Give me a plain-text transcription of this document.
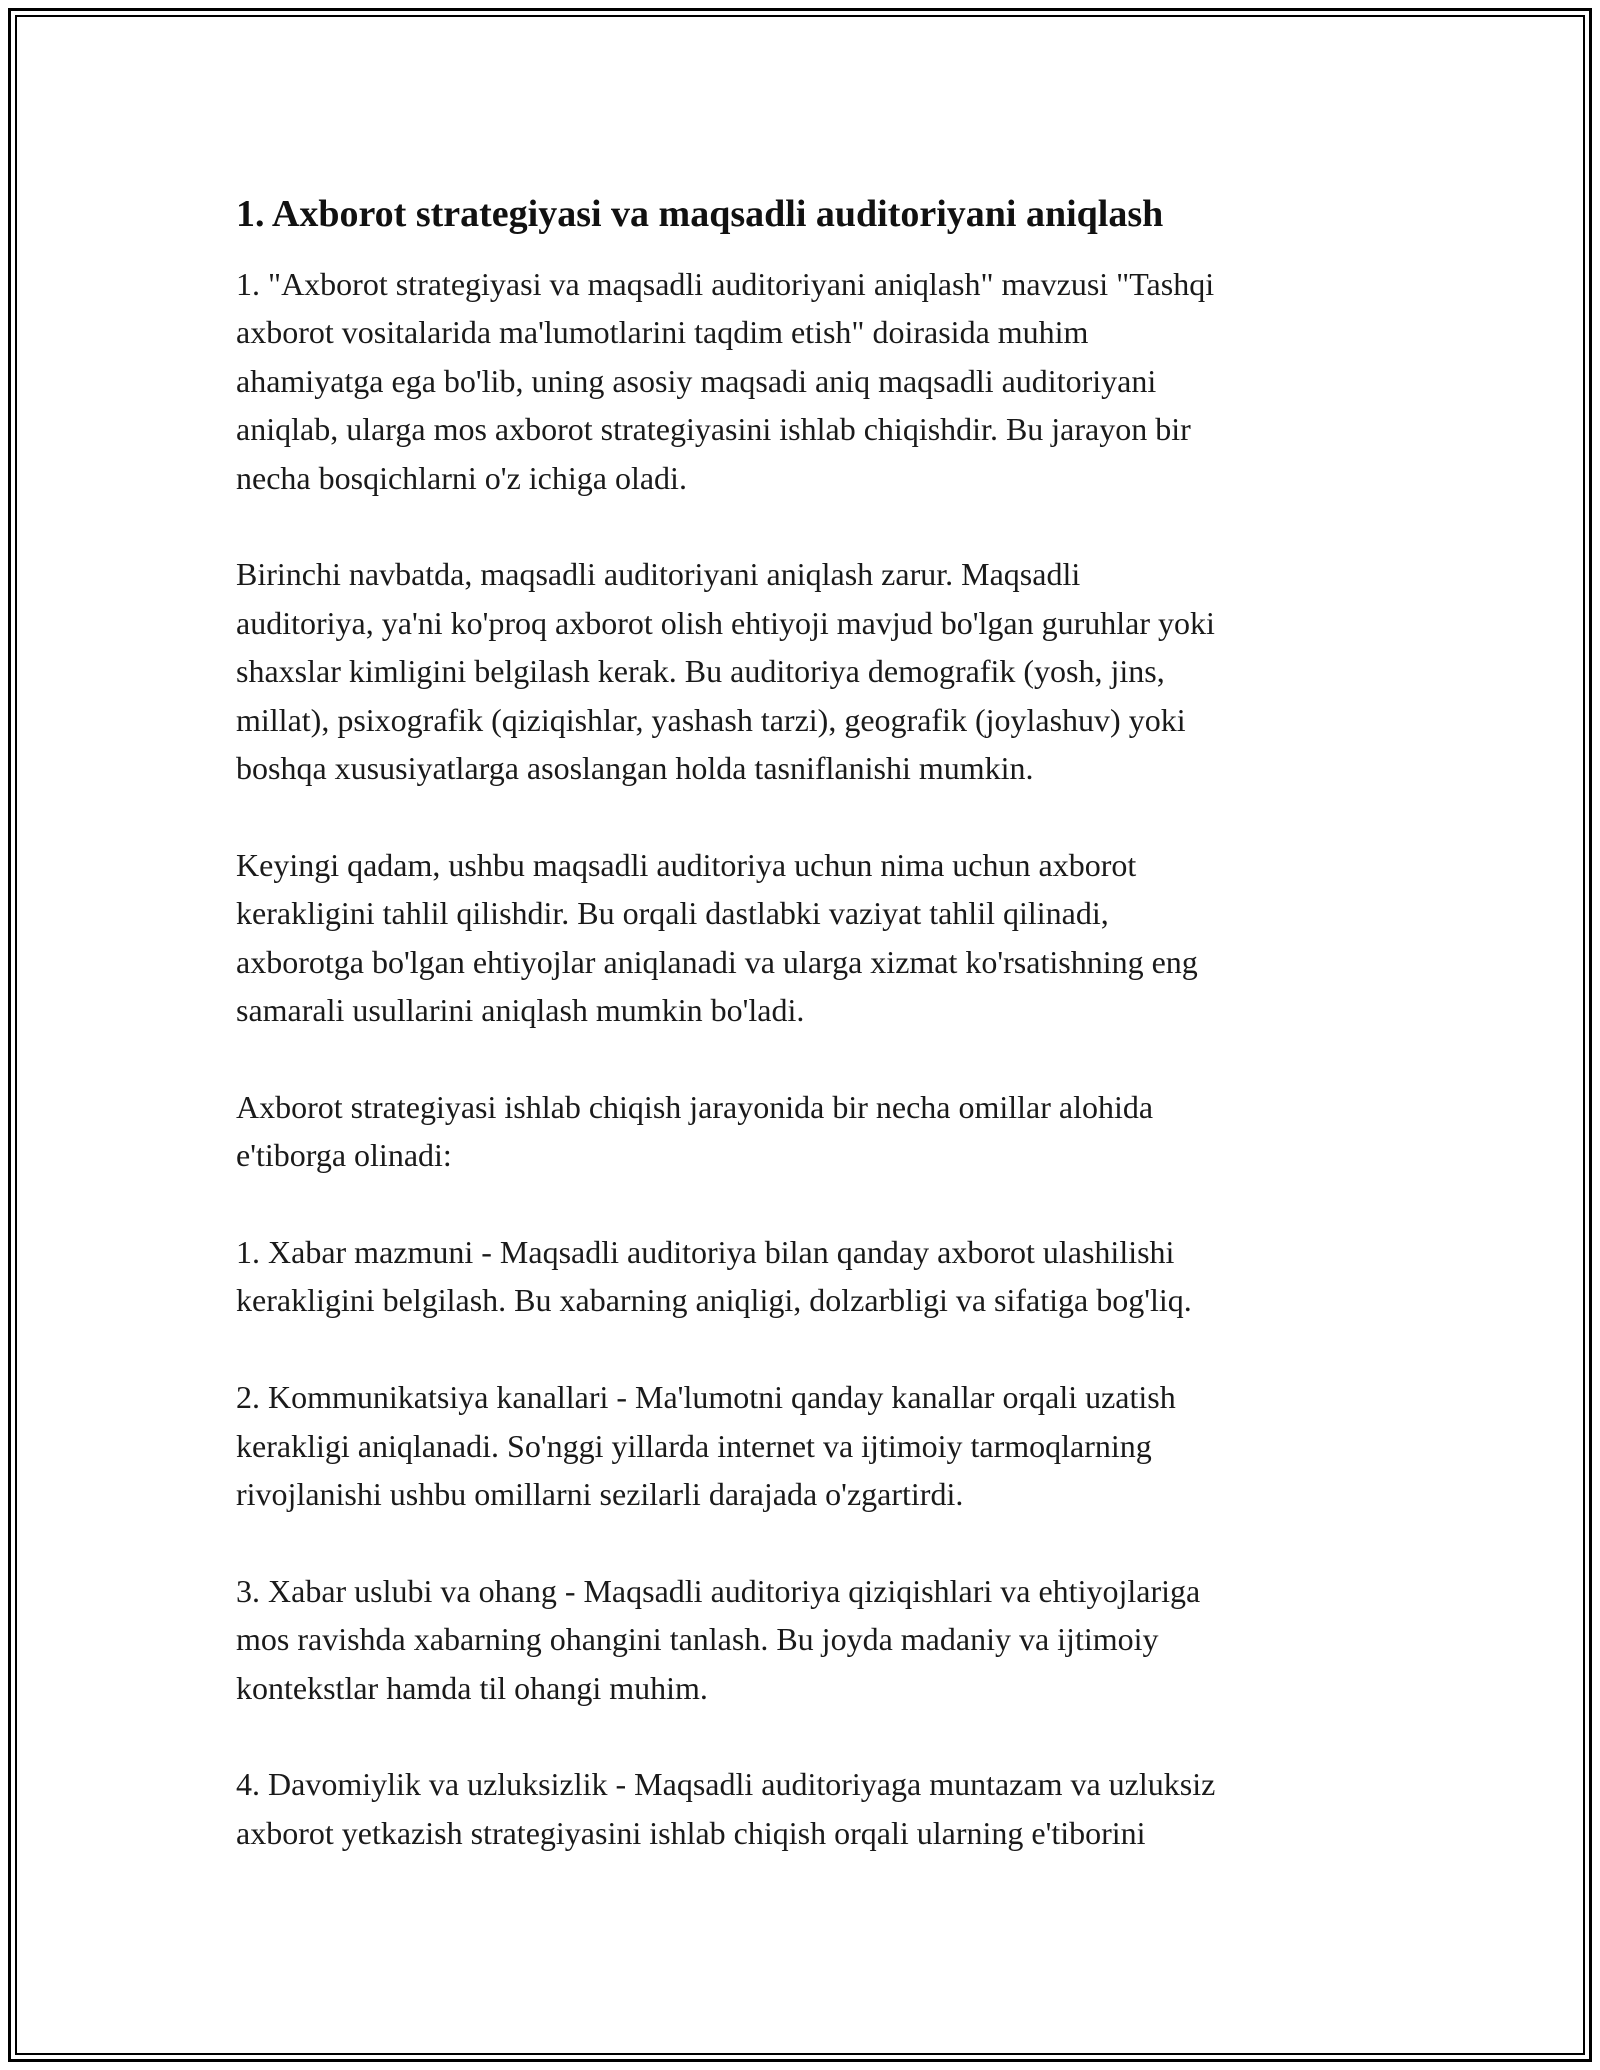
1. Axborot strategiyasi va maqsadli auditoriyani aniqlash

1. "Axborot strategiyasi va maqsadli auditoriyani aniqlash" mavzusi "Tashqi
axborot vositalarida ma'lumotlarini taqdim etish" doirasida muhim
ahamiyatga ega bo'lib, uning asosiy maqsadi aniq maqsadli auditoriyani
aniqlab, ularga mos axborot strategiyasini ishlab chiqishdir. Bu jarayon bir
necha bosqichlarni o'z ichiga oladi.

Birinchi navbatda, maqsadli auditoriyani aniqlash zarur. Maqsadli
auditoriya, ya'ni ko'proq axborot olish ehtiyoji mavjud bo'lgan guruhlar yoki
shaxslar kimligini belgilash kerak. Bu auditoriya demografik (yosh, jins,
millat), psixografik (qiziqishlar, yashash tarzi), geografik (joylashuv) yoki
boshqa xususiyatlarga asoslangan holda tasniflanishi mumkin.

Keyingi qadam, ushbu maqsadli auditoriya uchun nima uchun axborot
kerakligini tahlil qilishdir. Bu orqali dastlabki vaziyat tahlil qilinadi,
axborotga bo'lgan ehtiyojlar aniqlanadi va ularga xizmat ko'rsatishning eng
samarali usullarini aniqlash mumkin bo'ladi.

Axborot strategiyasi ishlab chiqish jarayonida bir necha omillar alohida
e'tiborga olinadi:

1. Xabar mazmuni - Maqsadli auditoriya bilan qanday axborot ulashilishi
kerakligini belgilash. Bu xabarning aniqligi, dolzarbligi va sifatiga bog'liq.

2. Kommunikatsiya kanallari - Ma'lumotni qanday kanallar orqali uzatish
kerakligi aniqlanadi. So'nggi yillarda internet va ijtimoiy tarmoqlarning
rivojlanishi ushbu omillarni sezilarli darajada o'zgartirdi.

3. Xabar uslubi va ohang - Maqsadli auditoriya qiziqishlari va ehtiyojlariga
mos ravishda xabarning ohangini tanlash. Bu joyda madaniy va ijtimoiy
kontekstlar hamda til ohangi muhim.

4. Davomiylik va uzluksizlik - Maqsadli auditoriyaga muntazam va uzluksiz
axborot yetkazish strategiyasini ishlab chiqish orqali ularning e'tiborini
